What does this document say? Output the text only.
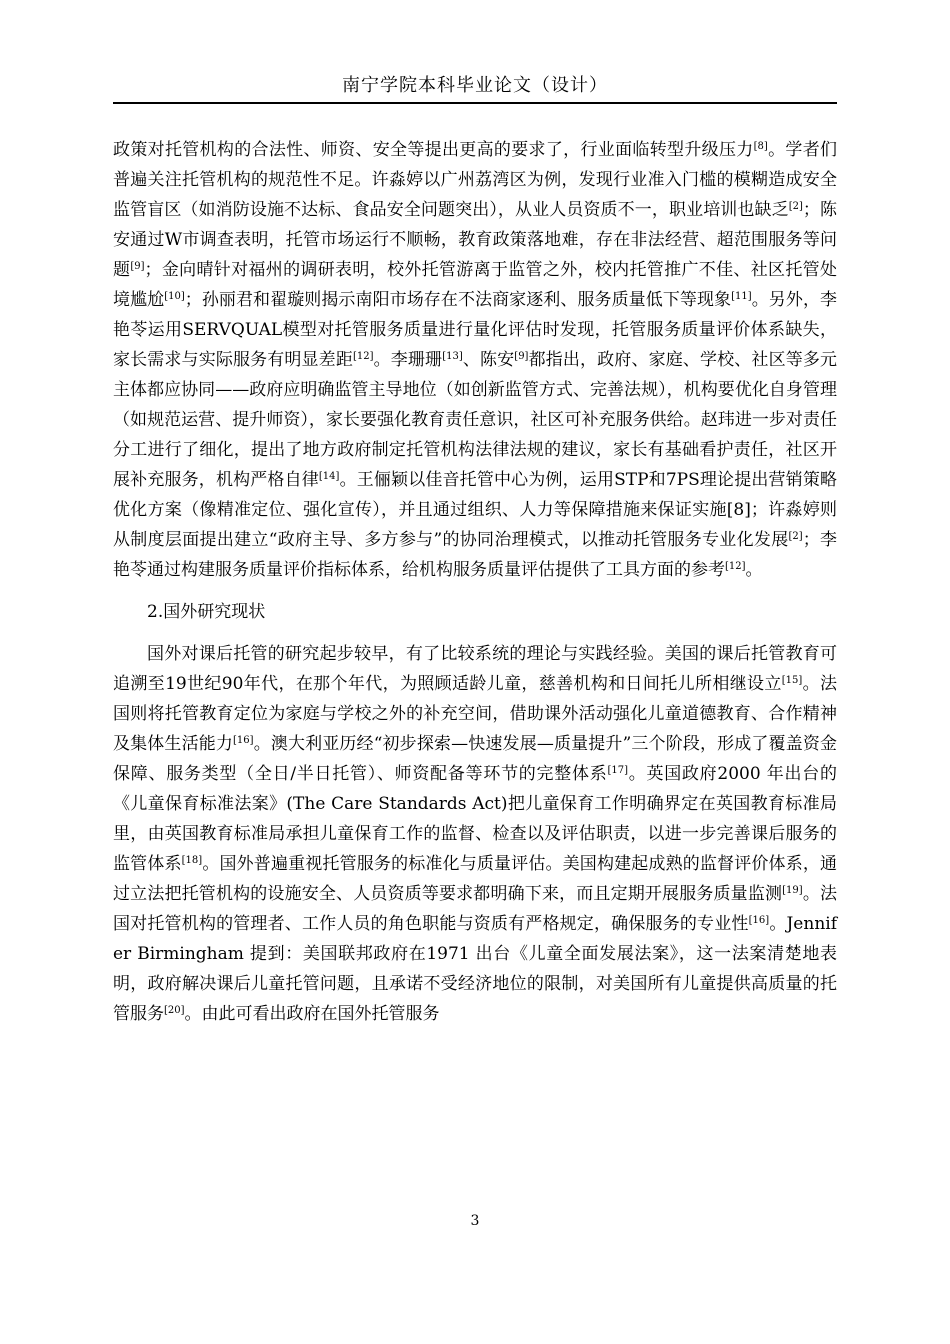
南宁学院本科毕业论文（设计）

政策对托管机构的合法性、师资、安全等提出更高的要求了，行业面临转型升级压力[8]。学者们普遍关注托管机构的规范性不足。许淼婷以广州荔湾区为例，发现行业准入门槛的模糊造成安全监管盲区（如消防设施不达标、食品安全问题突出），从业人员资质不一，职业培训也缺乏[2]；陈安通过W市调查表明，托管市场运行不顺畅，教育政策落地难，存在非法经营、超范围服务等问题[9]；金向晴针对福州的调研表明，校外托管游离于监管之外，校内托管推广不佳、社区托管处境尴尬[10]；孙丽君和翟璇则揭示南阳市场存在不法商家逐利、服务质量低下等现象[11]。另外，李艳苓运用SERVQUAL模型对托管服务质量进行量化评估时发现，托管服务质量评价体系缺失，家长需求与实际服务有明显差距[12]。李珊珊[13]、陈安[9]都指出，政府、家庭、学校、社区等多元主体都应协同——政府应明确监管主导地位（如创新监管方式、完善法规），机构要优化自身管理（如规范运营、提升师资），家长要强化教育责任意识，社区可补充服务供给。赵玮进一步对责任分工进行了细化，提出了地方政府制定托管机构法律法规的建议，家长有基础看护责任，社区开展补充服务，机构严格自律[14]。王俪颖以佳音托管中心为例，运用STP和7PS理论提出营销策略优化方案（像精准定位、强化宣传），并且通过组织、人力等保障措施来保证实施[8]；许淼婷则从制度层面提出建立“政府主导、多方参与”的协同治理模式，以推动托管服务专业化发展[2]；李艳苓通过构建服务质量评价指标体系，给机构服务质量评估提供了工具方面的参考[12]。

2.国外研究现状

国外对课后托管的研究起步较早，有了比较系统的理论与实践经验。美国的课后托管教育可追溯至19世纪90年代，在那个年代，为照顾适龄儿童，慈善机构和日间托儿所相继设立[15]。法国则将托管教育定位为家庭与学校之外的补充空间，借助课外活动强化儿童道德教育、合作精神及集体生活能力[16]。澳大利亚历经“初步探索—快速发展—质量提升”三个阶段，形成了覆盖资金保障、服务类型（全日/半日托管）、师资配备等环节的完整体系[17]。英国政府2000 年出台的《儿童保育标准法案》(The Care Standards Act)把儿童保育工作明确界定在英国教育标准局里，由英国教育标准局承担儿童保育工作的监督、检查以及评估职责，以进一步完善课后服务的监管体系[18]。国外普遍重视托管服务的标准化与质量评估。美国构建起成熟的监督评价体系，通过立法把托管机构的设施安全、人员资质等要求都明确下来，而且定期开展服务质量监测[19]。法国对托管机构的管理者、工作人员的角色职能与资质有严格规定，确保服务的专业性[16]。Jennifer Birmingham 提到：美国联邦政府在1971 出台《儿童全面发展法案》，这一法案清楚地表明，政府解决课后儿童托管问题，且承诺不受经济地位的限制，对美国所有儿童提供高质量的托管服务[20]。由此可看出政府在国外托管服务

3
